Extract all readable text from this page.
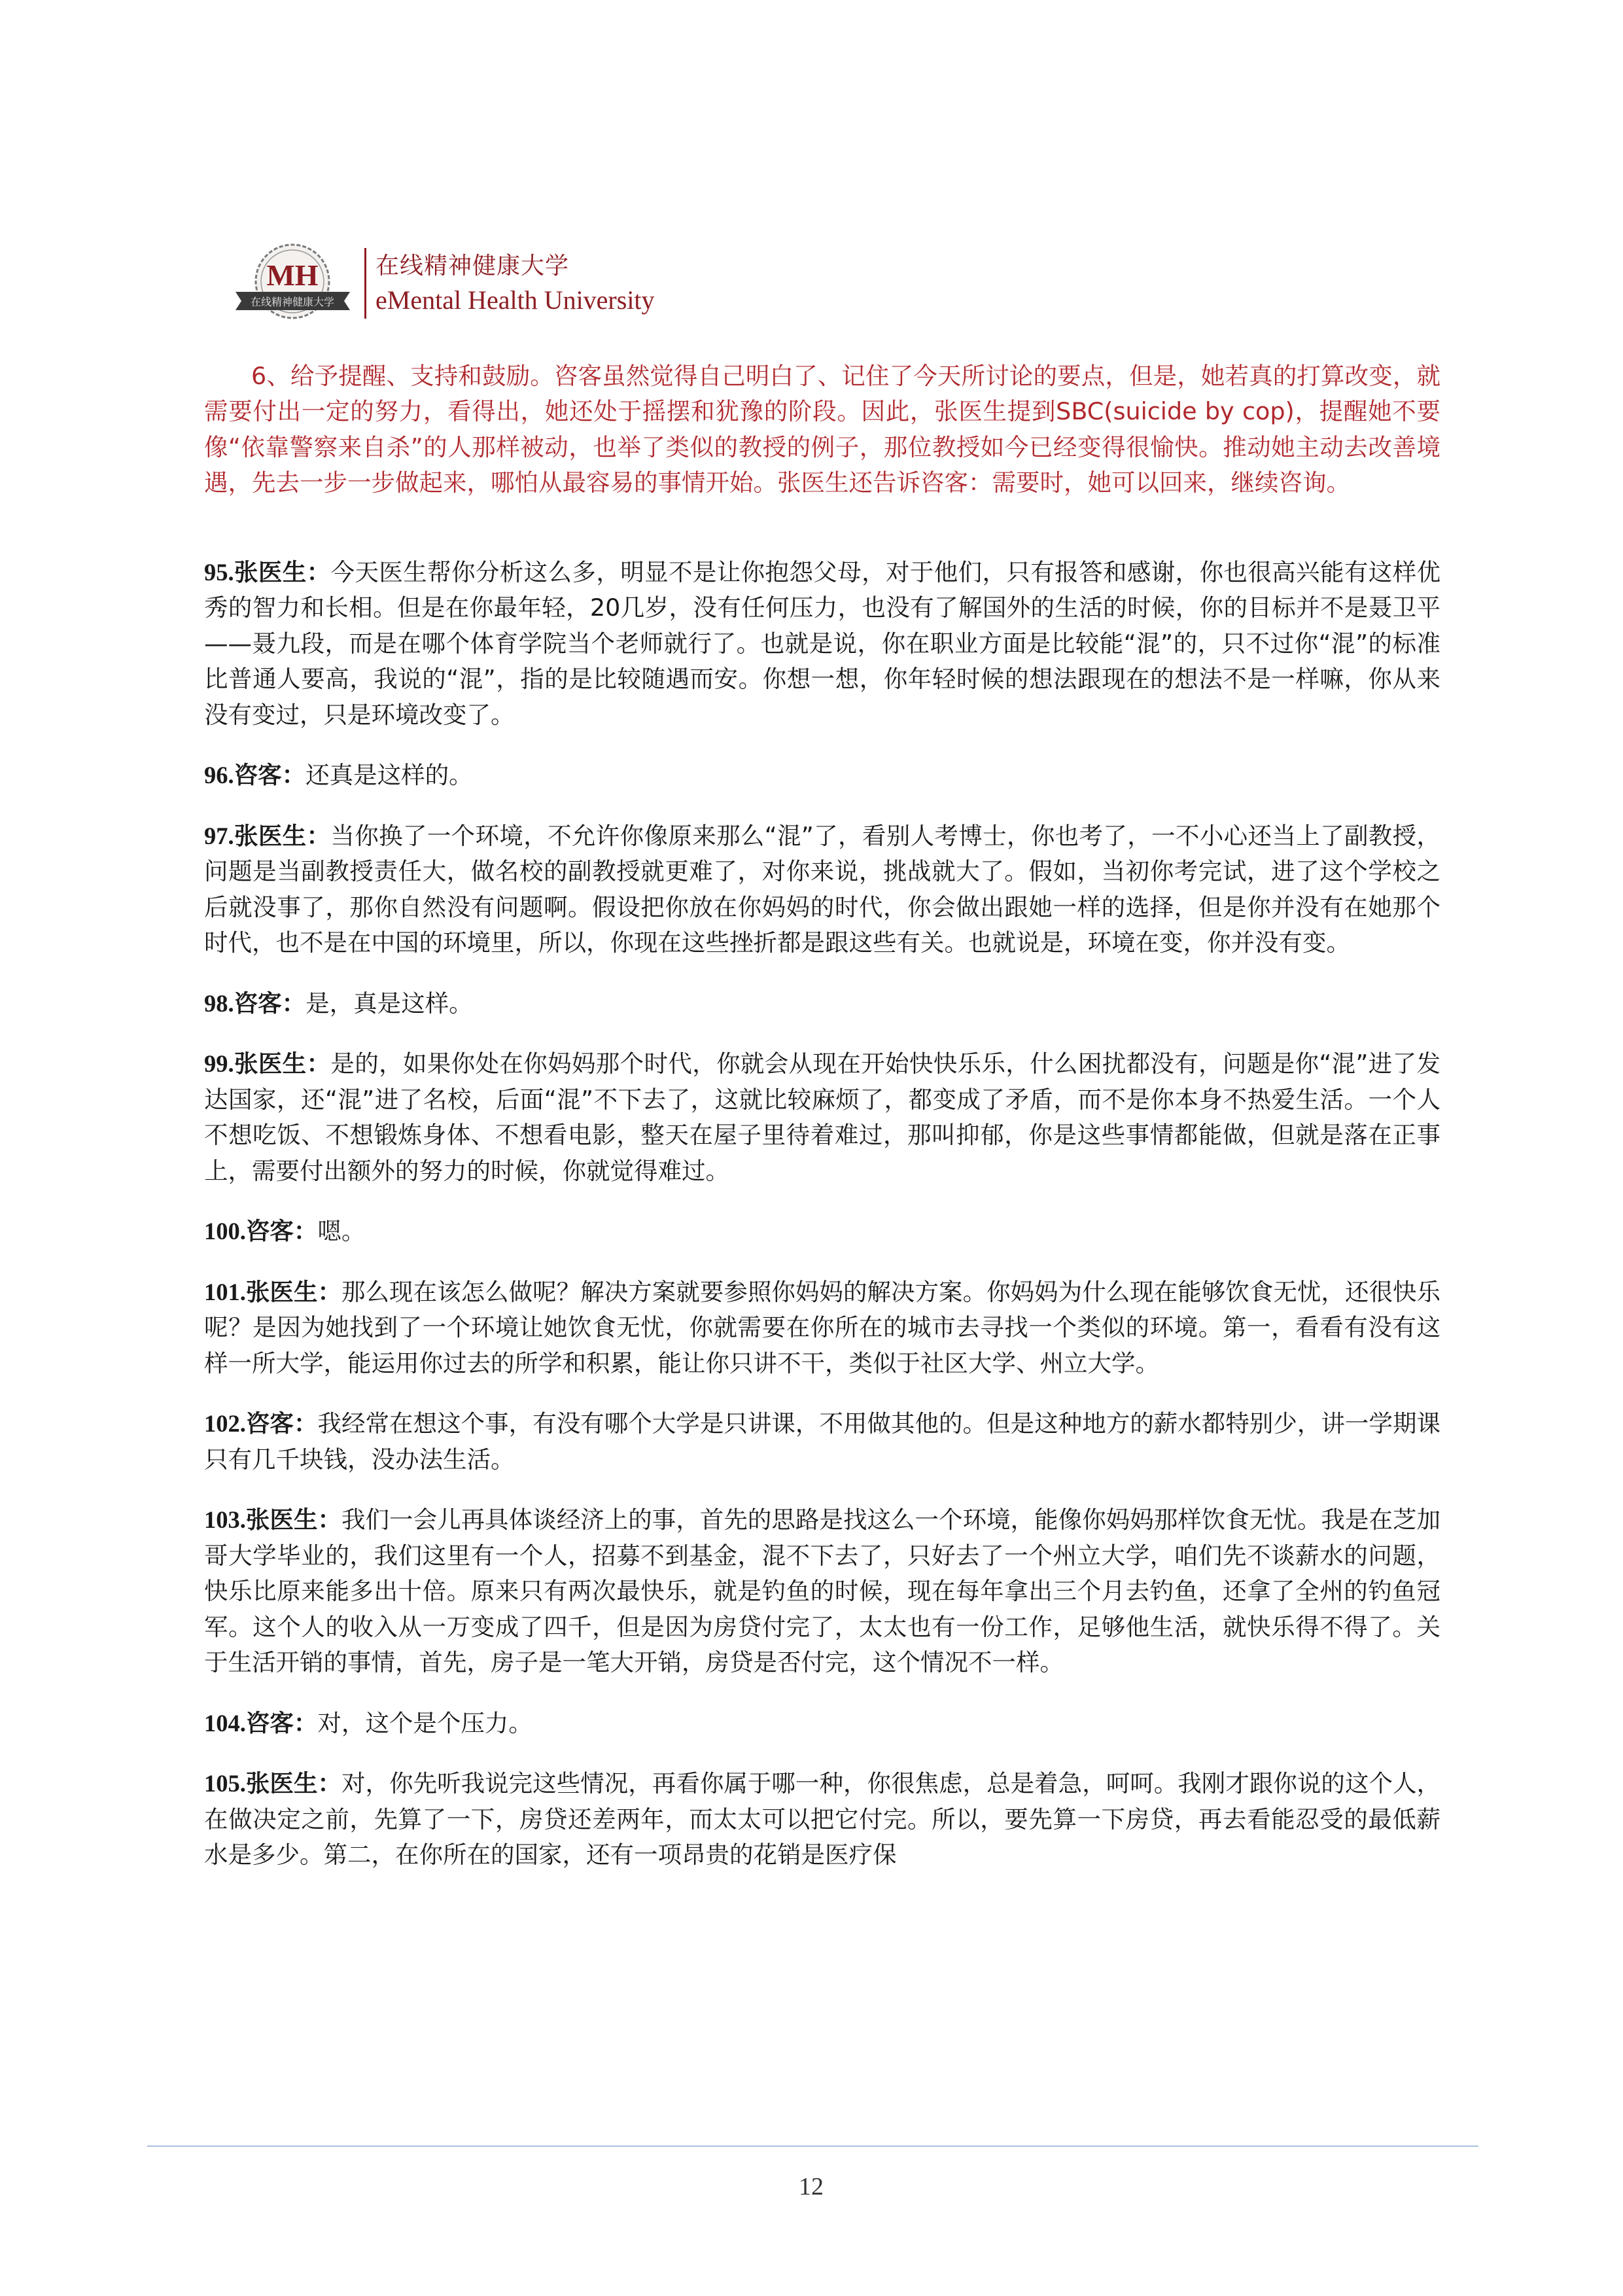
MH
在线精神健康大学
在线精神健康大学
eMental Health University

6、给予提醒、支持和鼓励。咨客虽然觉得自己明白了、记住了今天所讨论的要点，但是，她若真的打算改变，就需要付出一定的努力，看得出，她还处于摇摆和犹豫的阶段。因此，张医生提到SBC(suicide by cop)，提醒她不要像“依靠警察来自杀”的人那样被动，也举了类似的教授的例子，那位教授如今已经变得很愉快。推动她主动去改善境遇，先去一步一步做起来，哪怕从最容易的事情开始。张医生还告诉咨客：需要时，她可以回来，继续咨询。

95.张医生：今天医生帮你分析这么多，明显不是让你抱怨父母，对于他们，只有报答和感谢，你也很高兴能有这样优秀的智力和长相。但是在你最年轻，20几岁，没有任何压力，也没有了解国外的生活的时候，你的目标并不是聂卫平——聂九段，而是在哪个体育学院当个老师就行了。也就是说，你在职业方面是比较能“混”的，只不过你“混”的标准比普通人要高，我说的“混”，指的是比较随遇而安。你想一想，你年轻时候的想法跟现在的想法不是一样嘛，你从来没有变过，只是环境改变了。

96.咨客：还真是这样的。

97.张医生：当你换了一个环境，不允许你像原来那么“混”了，看别人考博士，你也考了，一不小心还当上了副教授，问题是当副教授责任大，做名校的副教授就更难了，对你来说，挑战就大了。假如，当初你考完试，进了这个学校之后就没事了，那你自然没有问题啊。假设把你放在你妈妈的时代，你会做出跟她一样的选择，但是你并没有在她那个时代，也不是在中国的环境里，所以，你现在这些挫折都是跟这些有关。也就说是，环境在变，你并没有变。

98.咨客：是，真是这样。

99.张医生：是的，如果你处在你妈妈那个时代，你就会从现在开始快快乐乐，什么困扰都没有，问题是你“混”进了发达国家，还“混”进了名校，后面“混”不下去了，这就比较麻烦了，都变成了矛盾，而不是你本身不热爱生活。一个人不想吃饭、不想锻炼身体、不想看电影，整天在屋子里待着难过，那叫抑郁，你是这些事情都能做，但就是落在正事上，需要付出额外的努力的时候，你就觉得难过。

100.咨客：嗯。

101.张医生：那么现在该怎么做呢？解决方案就要参照你妈妈的解决方案。你妈妈为什么现在能够饮食无忧，还很快乐呢？是因为她找到了一个环境让她饮食无忧，你就需要在你所在的城市去寻找一个类似的环境。第一，看看有没有这样一所大学，能运用你过去的所学和积累，能让你只讲不干，类似于社区大学、州立大学。

102.咨客：我经常在想这个事，有没有哪个大学是只讲课，不用做其他的。但是这种地方的薪水都特别少，讲一学期课只有几千块钱，没办法生活。

103.张医生：我们一会儿再具体谈经济上的事，首先的思路是找这么一个环境，能像你妈妈那样饮食无忧。我是在芝加哥大学毕业的，我们这里有一个人，招募不到基金，混不下去了，只好去了一个州立大学，咱们先不谈薪水的问题，快乐比原来能多出十倍。原来只有两次最快乐，就是钓鱼的时候，现在每年拿出三个月去钓鱼，还拿了全州的钓鱼冠军。这个人的收入从一万变成了四千，但是因为房贷付完了，太太也有一份工作，足够他生活，就快乐得不得了。关于生活开销的事情，首先，房子是一笔大开销，房贷是否付完，这个情况不一样。

104.咨客：对，这个是个压力。

105.张医生：对，你先听我说完这些情况，再看你属于哪一种，你很焦虑，总是着急，呵呵。我刚才跟你说的这个人，在做决定之前，先算了一下，房贷还差两年，而太太可以把它付完。所以，要先算一下房贷，再去看能忍受的最低薪水是多少。第二，在你所在的国家，还有一项昂贵的花销是医疗保

12
